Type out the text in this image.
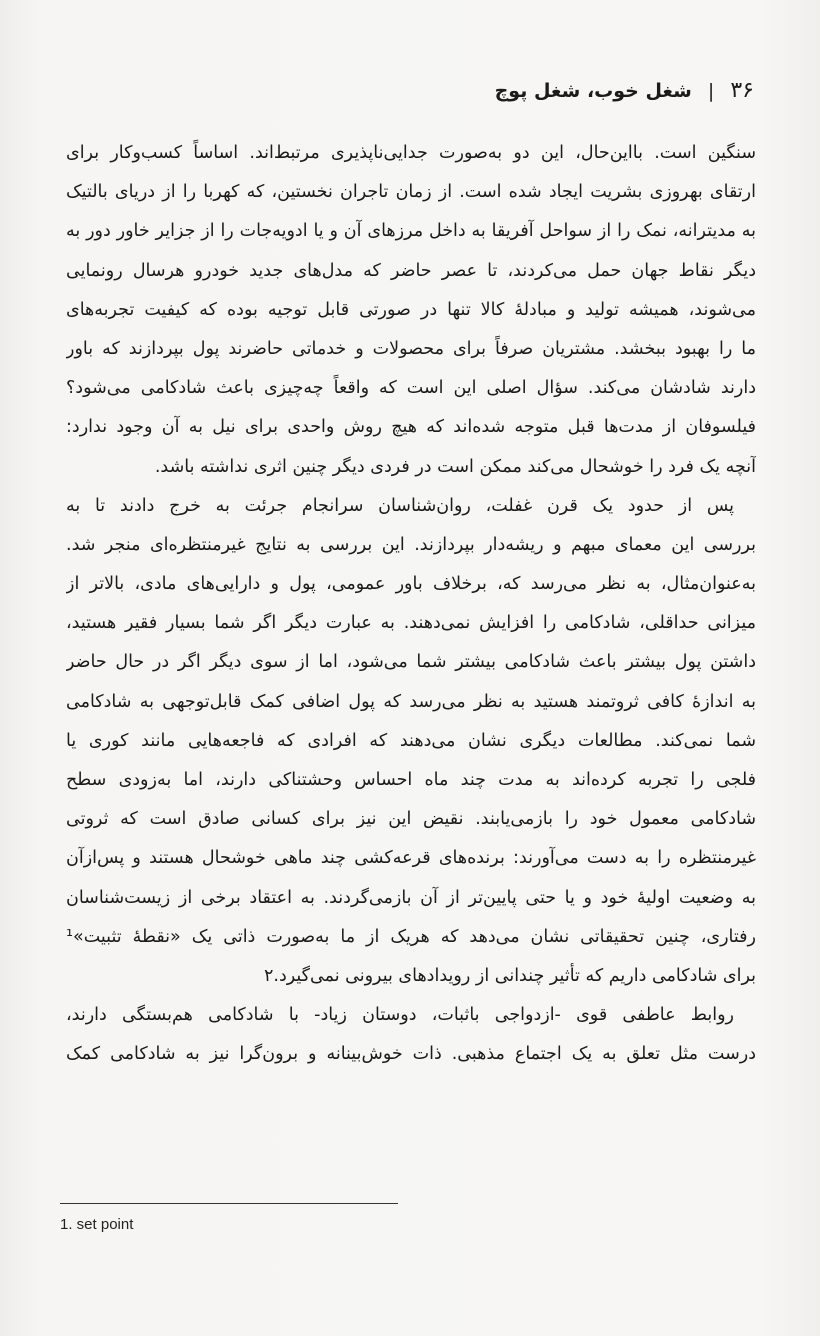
۳۶ | شغل خوب، شغل پوچ
سنگین است. بااین‌حال، این دو به‌صورت جدایی‌ناپذیری مرتبط‌اند. اساساً کسب‌وکار برای
ارتقای بهروزی بشریت ایجاد شده است. از زمان تاجران نخستین، که کهربا را از دریای بالتیک
به مدیترانه، نمک را از سواحل آفریقا به داخل مرزهای آن و یا ادویه‌جات را از جزایر خاور دور به
دیگر نقاط جهان حمل می‌کردند، تا عصر حاضر که مدل‌های جدید خودرو هرسال رونمایی
می‌شوند، همیشه تولید و مبادلهٔ کالا تنها در صورتی قابل توجیه بوده که کیفیت تجربه‌های
ما را بهبود ببخشد. مشتریان صرفاً برای محصولات و خدماتی حاضرند پول بپردازند که باور
دارند شادشان می‌کند. سؤال اصلی این است که واقعاً چه‌چیزی باعث شادکامی می‌شود؟
فیلسوفان از مدت‌ها قبل متوجه شده‌اند که هیچ روش واحدی برای نیل به آن وجود ندارد:
آنچه یک فرد را خوشحال می‌کند ممکن است در فردی دیگر چنین اثری نداشته باشد.
پس از حدود یک قرن غفلت، روان‌شناسان سرانجام جرئت به خرج دادند تا به
بررسی این معمای مبهم و ریشه‌دار بپردازند. این بررسی به نتایج غیرمنتظره‌ای منجر شد.
به‌عنوان‌مثال، به نظر می‌رسد که، برخلاف باور عمومی، پول و دارایی‌های مادی، بالاتر از
میزانی حداقلی، شادکامی را افزایش نمی‌دهند. به عبارت دیگر اگر شما بسیار فقیر هستید،
داشتن پول بیشتر باعث شادکامی بیشتر شما می‌شود، اما از سوی دیگر اگر در حال حاضر
به اندازهٔ کافی ثروتمند هستید به نظر می‌رسد که پول اضافی کمک قابل‌توجهی به شادکامی
شما نمی‌کند. مطالعات دیگری نشان می‌دهند که افرادی که فاجعه‌هایی مانند کوری یا
فلجی را تجربه کرده‌اند به مدت چند ماه احساس وحشتناکی دارند، اما به‌زودی سطح
شادکامی معمول خود را بازمی‌یابند. نقیض این نیز برای کسانی صادق است که ثروتی
غیرمنتظره را به دست می‌آورند: برنده‌های قرعه‌کشی چند ماهی خوشحال هستند و پس‌ازآن
به وضعیت اولیهٔ خود و یا حتی پایین‌تر از آن بازمی‌گردند. به اعتقاد برخی از زیست‌شناسان
رفتاری، چنین تحقیقاتی نشان می‌دهد که هریک از ما به‌صورت ذاتی یک «نقطهٔ تثبیت»¹
برای شادکامی داریم که تأثیر چندانی از رویدادهای بیرونی نمی‌گیرد.۲
روابط عاطفی قوی -ازدواجی باثبات، دوستان زیاد- با شادکامی هم‌بستگی دارند،
درست مثل تعلق به یک اجتماع مذهبی. ذات خوش‌بینانه و برون‌گرا نیز به شادکامی کمک
1. set point
